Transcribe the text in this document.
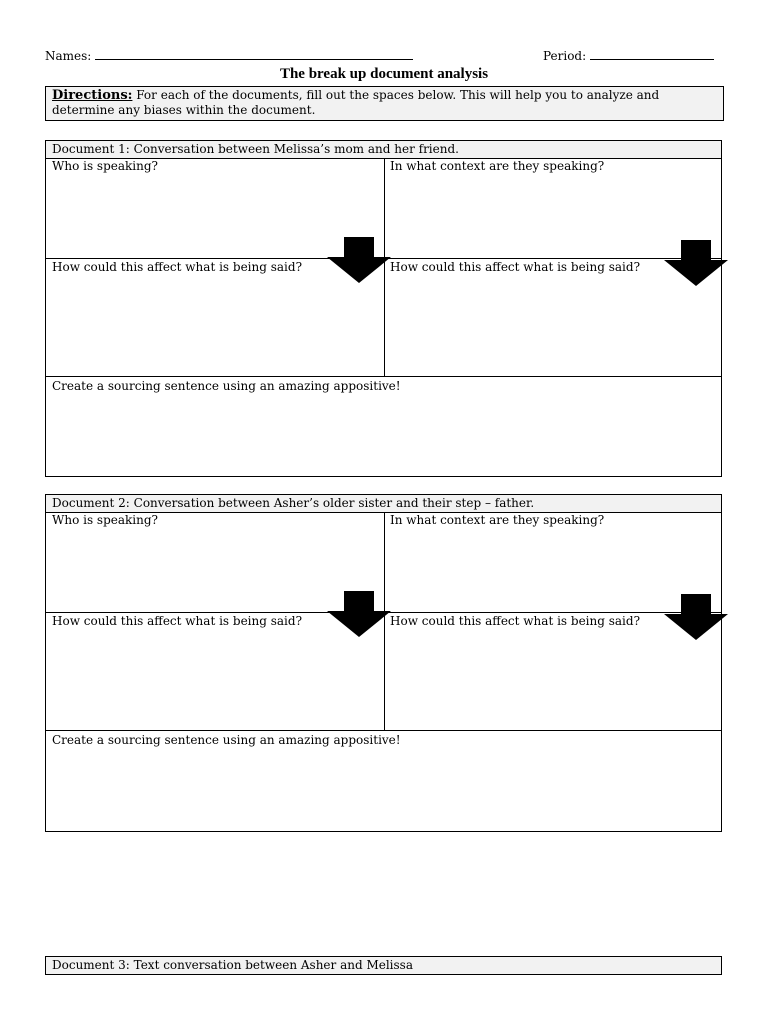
Names:	Period:
The break up document analysis
Directions: For each of the documents, fill out the spaces below. This will help you to analyze and determine any biases within the document.
Document 1: Conversation between Melissa’s mom and her friend.
Who is speaking?	In what context are they speaking?
How could this affect what is being said?	How could this affect what is being said?
Create a sourcing sentence using an amazing appositive!
Document 2: Conversation between Asher’s older sister and their step – father.
Who is speaking?	In what context are they speaking?
How could this affect what is being said?	How could this affect what is being said?
Create a sourcing sentence using an amazing appositive!
Document 3: Text conversation between Asher and Melissa
